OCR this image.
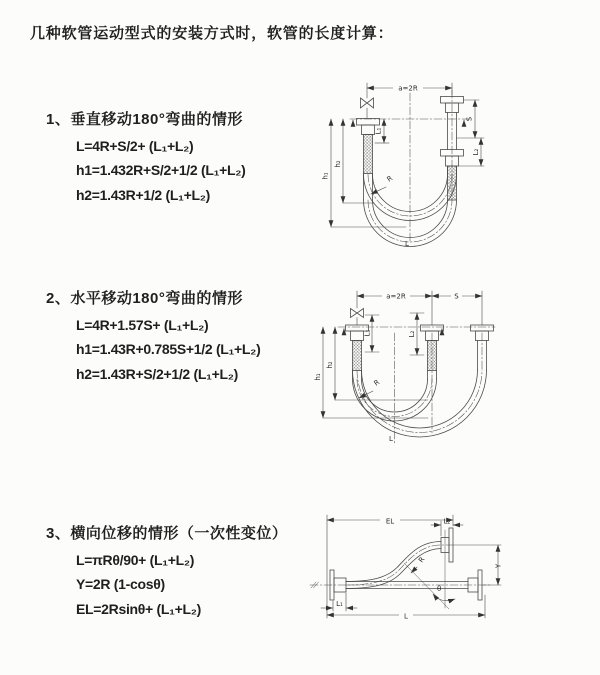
几种软管运动型式的安装方式时，软管的长度计算：
1、垂直移动180°弯曲的情形
L=4R+S/2+ (L₁+L₂)
h1=1.432R+S/2+1/2 (L₁+L₂)
h2=1.43R+1/2 (L₁+L₂)
2、水平移动180°弯曲的情形
L=4R+1.57S+ (L₁+L₂)
h1=1.43R+0.785S+1/2 (L₁+L₂)
h2=1.43R+S/2+1/2 (L₁+L₂)
3、横向位移的情形（一次性变位）
L=πRθ/90+ (L₁+L₂)
Y=2R (1-cosθ)
EL=2Rsinθ+ (L₁+L₂)
a=2R
h₁
h₂
L₁
S
L₂
R
L
a=2R	S
h₁
h₂
L₁	L₂
R
L
EL	L₂
Y
θ
R
L
L₁
